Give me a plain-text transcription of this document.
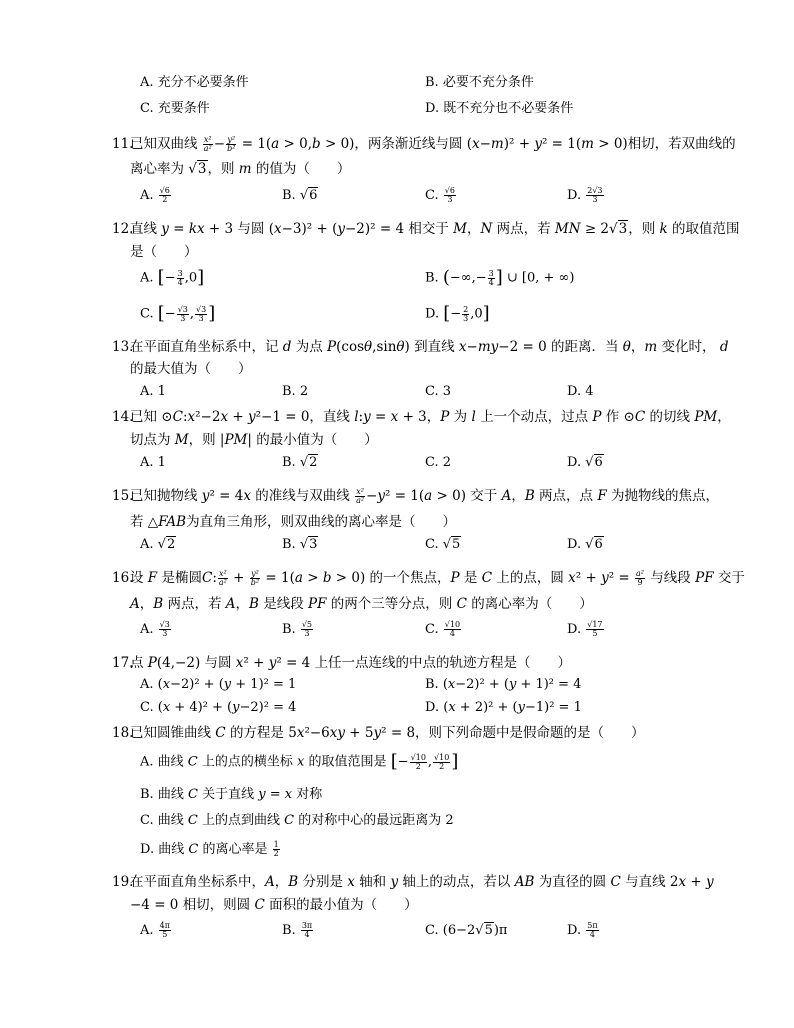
A. 充分不必要条件	B. 必要不充分条件
C. 充要条件	D. 既不充分也不必要条件
11.
已知双曲线 $\frac{\text{x²}}{\text{a²}} - \frac{\text{y²}}{\text{b²}} = 1(a > 0,b > 0)$，两条渐近线与圆 (x−m)² + y² = 1(m > 0)相切，若双曲线的
离心率为 √3，则 m 的值为（　　）
A. $\frac{√6}{2}$	B. √6	C. $\frac{√6}{3}$	D. $\frac{2√3}{3}$
12.
直线 y = kx + 3 与圆 (x−3)² + (y−2)² = 4 相交于 M，N 两点，若 MN ≥ 2√3，则 k 的取值范围
是（　　）
A. [− $\frac{3}{4} ,0$]	B. (−∞,− $\frac{3}{4}$ ] ∪ [0, + ∞)
C. [− $\frac{√3}{3}$ , $\frac{√3}{3}$ ]	D. [− $\frac{2}{3} ,0$]
13.
在平面直角坐标系中，记 d 为点 P(cosθ,sinθ) 到直线 x−my−2 = 0 的距离．当 θ，m 变化时， d
的最大值为（　　）
A. 1	B. 2	C. 3	D. 4
14.
已知 ⊙C:x²−2x + y²−1 = 0，直线 l:y = x + 3，P 为 l 上一个动点，过点 P 作 ⊙C 的切线 PM，
切点为 M，则 |PM| 的最小值为（　　）
A. 1	B. √2	C. 2	D. √6
15.
已知抛物线 y² = 4x 的准线与双曲线 $\frac{\text{x²}}{\text{a²}} -y^2 = 1(a > 0)$ 交于 A，B 两点，点 F 为抛物线的焦点，
若 △FAB为直角三角形，则双曲线的离心率是（　　）
A. √2	B. √3	C. √5	D. √6
16.
设 F 是椭圆C: $\frac{\text{x²}}{\text{a²}} + \frac{\text{y²}}{\text{b²}} = 1(a > b > 0)$ 的一个焦点，P 是 C 上的点，圆 $x^2 + y^2 = \frac{\text{a²}}{9}$ 与线段 PF 交于
A，B 两点，若 A，B 是线段 PF 的两个三等分点，则 C 的离心率为（　　）
A. $\frac{√3}{3}$	B. $\frac{√5}{3}$	C. $\frac{√10}{4}$	D. $\frac{√17}{5}$
17.
点 P(4,−2) 与圆 x² + y² = 4 上任一点连线的中点的轨迹方程是（　　）
A. (x−2)² + (y + 1)² = 1	B. (x−2)² + (y + 1)² = 4
C. (x + 4)² + (y−2)² = 4	D. (x + 2)² + (y−1)² = 1
18.
已知圆锥曲线 C 的方程是 5x²−6xy + 5y² = 8，则下列命题中是假命题的是（　　）
A. 曲线 C 上的点的横坐标 x 的取值范围是 [− $\frac{√10}{2}$ , $\frac{√10}{2}$ ]
B. 曲线 C 关于直线 y = x 对称
C. 曲线 C 上的点到曲线 C 的对称中心的最远距离为 2
D. 曲线 C 的离心率是 $\frac{1}{2}$
19.
在平面直角坐标系中，A，B 分别是 x 轴和 y 轴上的动点，若以 AB 为直径的圆 C 与直线 2x + y
−4 = 0 相切，则圆 C 面积的最小值为（　　）
A. $\frac{4\pi}{5}$	B. $\frac{3\pi}{4}$	C. (6−2√5)π	D. $\frac{5\pi}{4}$
